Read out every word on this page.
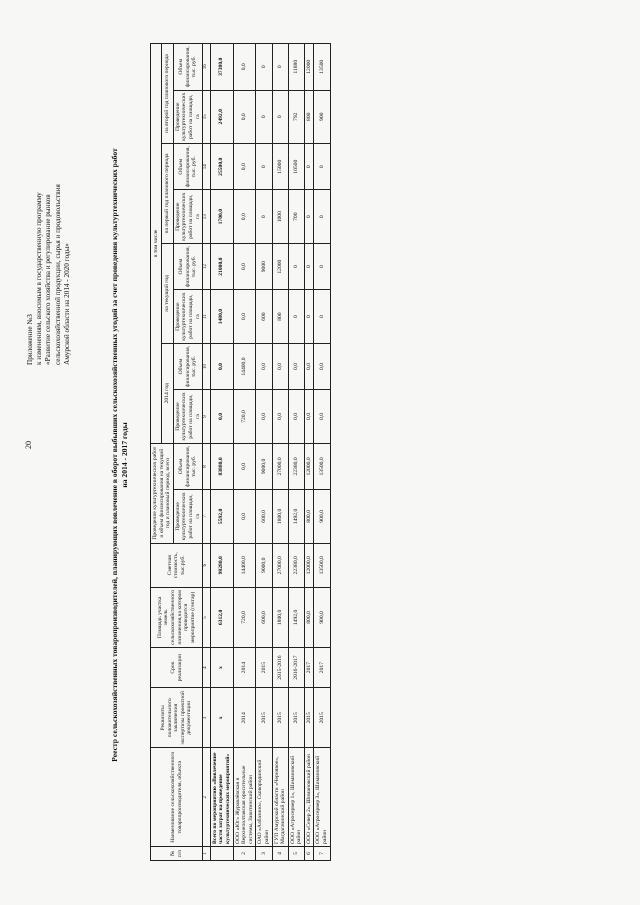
20
Приложение №3 к изменениям, вносимым в государственную программу «Развитие сельского хозяйства и регулирование рынков сельскохозяйственной продукции, сырья и продовольствия Амурской области на 2014 - 2020 годы»	Реестр сельскохозяйственных товаропроизводителей, планирующих вовлечение в оборот выбывших сельскохозяйственных угодий за счет проведения культуртехнических работ на 2014 - 2017 годы
№ п/п	Наименование сельскохозяйственного товаропроизводителя, объекта	Реквизиты положительного заключения экспертизы проектной документации	Срок реализации	Площадь участка земель сельскохозяйственного назначения,на котором проводится мероприятие (гектар)	Сметная стоимость, тыс.руб.	Проведение культуртехнических работ и объем финансирования на текущий год и плановый период, всего		в том числе							
								2014 год		на текущий год		на первый год планового периода		на второй год планового периода	
						Проведение культуртехнических работ на площади, га	Объем финансирования, тыс. руб.	Проведение культуртехнических работ на площади, га	Объем финансирования, тыс. руб.	Проведение культуртехнических работ на площади, га	Объем финансирования, тыс. руб.	Проведение культуртехнических работ на площади, га	Объем финансирования, тыс. руб.	Проведение культуртехнических работ на площади, га	Объем финансирования, тыс. руб.
1	2	3	4	5	6	7	8	9	10	11	12	13	14	15	16
	Всего по мероприятию «Вовлечение части затрат на проведение культуртехнических мероприятий»	x	x	6312,0	98280,0	5592,0	83880,0	0,0	0,0	1480,0	21000,0	1700,0	25500,0	2492,0	37380,0
2	ООО «Юг» Журавлёвская и Верхнеполтавская оросительные системы, Завитинский район	2014	2014	720,0	14400,0	0,0	0,0	720,0	14400,0	0,0	0,0	0,0	0,0	0,0	0,0
3	ОАО «Албазино», Сковородинский район	2015	2015	600,0	9000,0	600,0	9000,0	0,0	0,0	600	9000	0	0	0	0
4	ГУП Амурской области «Чернявое», Магдагачинский район	2015	2015-2016	1800,0	27000,0	1800,0	27000,0	0,0	0,0	800	12000	1000	15000	0	0
5	ООО «Агросервер 1», Шимановский район	2015	2016-2017	1492,0	22380,0	1492,0	22380,0	0,0	0,0	0	0	700	10500	792	11880
6	ООО «Север 2», Шимановский район	2015	2017	800,0	12000,0	800,0	12000,0	0,0	0,0	0	0	0	0	800	12000
7	ООО «Агросервер 3», Шимановский район	2015	2017	900,0	13500,0	900,0	13500,0	0,0	0,0	0	0	0	0	900	13500
